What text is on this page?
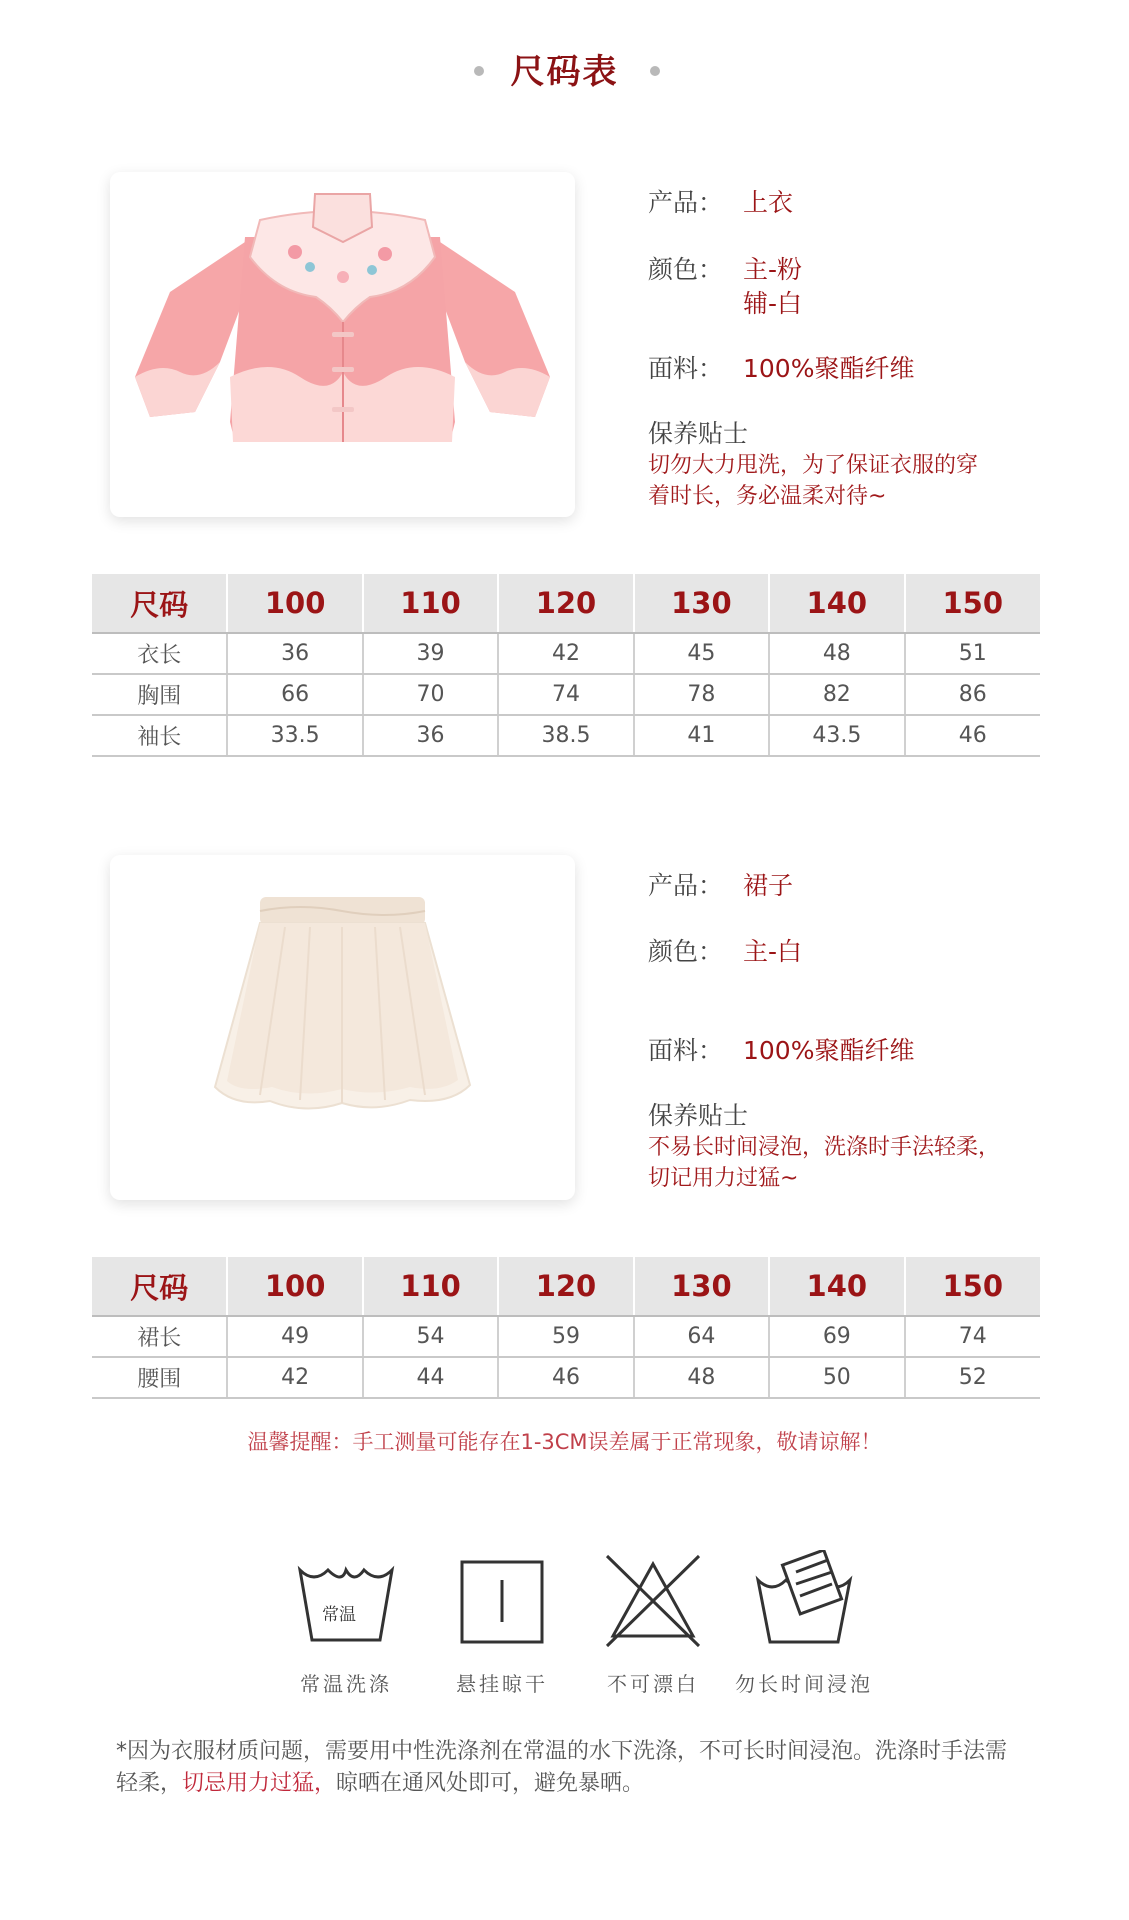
尺码表
产品： 上衣
颜色： 主-粉
辅-白
面料： 100%聚酯纤维
保养贴士
切勿大力甩洗，为了保证衣服的穿
着时长，务必温柔对待~
尺码	100	110	120	130	140	150
衣长	36	39	42	45	48	51
胸围	66	70	74	78	82	86
袖长	33.5	36	38.5	41	43.5	46
产品： 裙子
颜色： 主-白
面料： 100%聚酯纤维
保养贴士
不易长时间浸泡，洗涤时手法轻柔，
切记用力过猛~
尺码	100	110	120	130	140	150
裙长	49	54	59	64	69	74
腰围	42	44	46	48	50	52
温馨提醒：手工测量可能存在1-3CM误差属于正常现象，敬请谅解！
常温
常温洗涤	悬挂晾干	不可漂白	勿长时间浸泡
*因为衣服材质问题，需要用中性洗涤剂在常温的水下洗涤，不可长时间浸泡。洗涤时手法需轻柔，切忌用力过猛，晾晒在通风处即可，避免暴晒。
